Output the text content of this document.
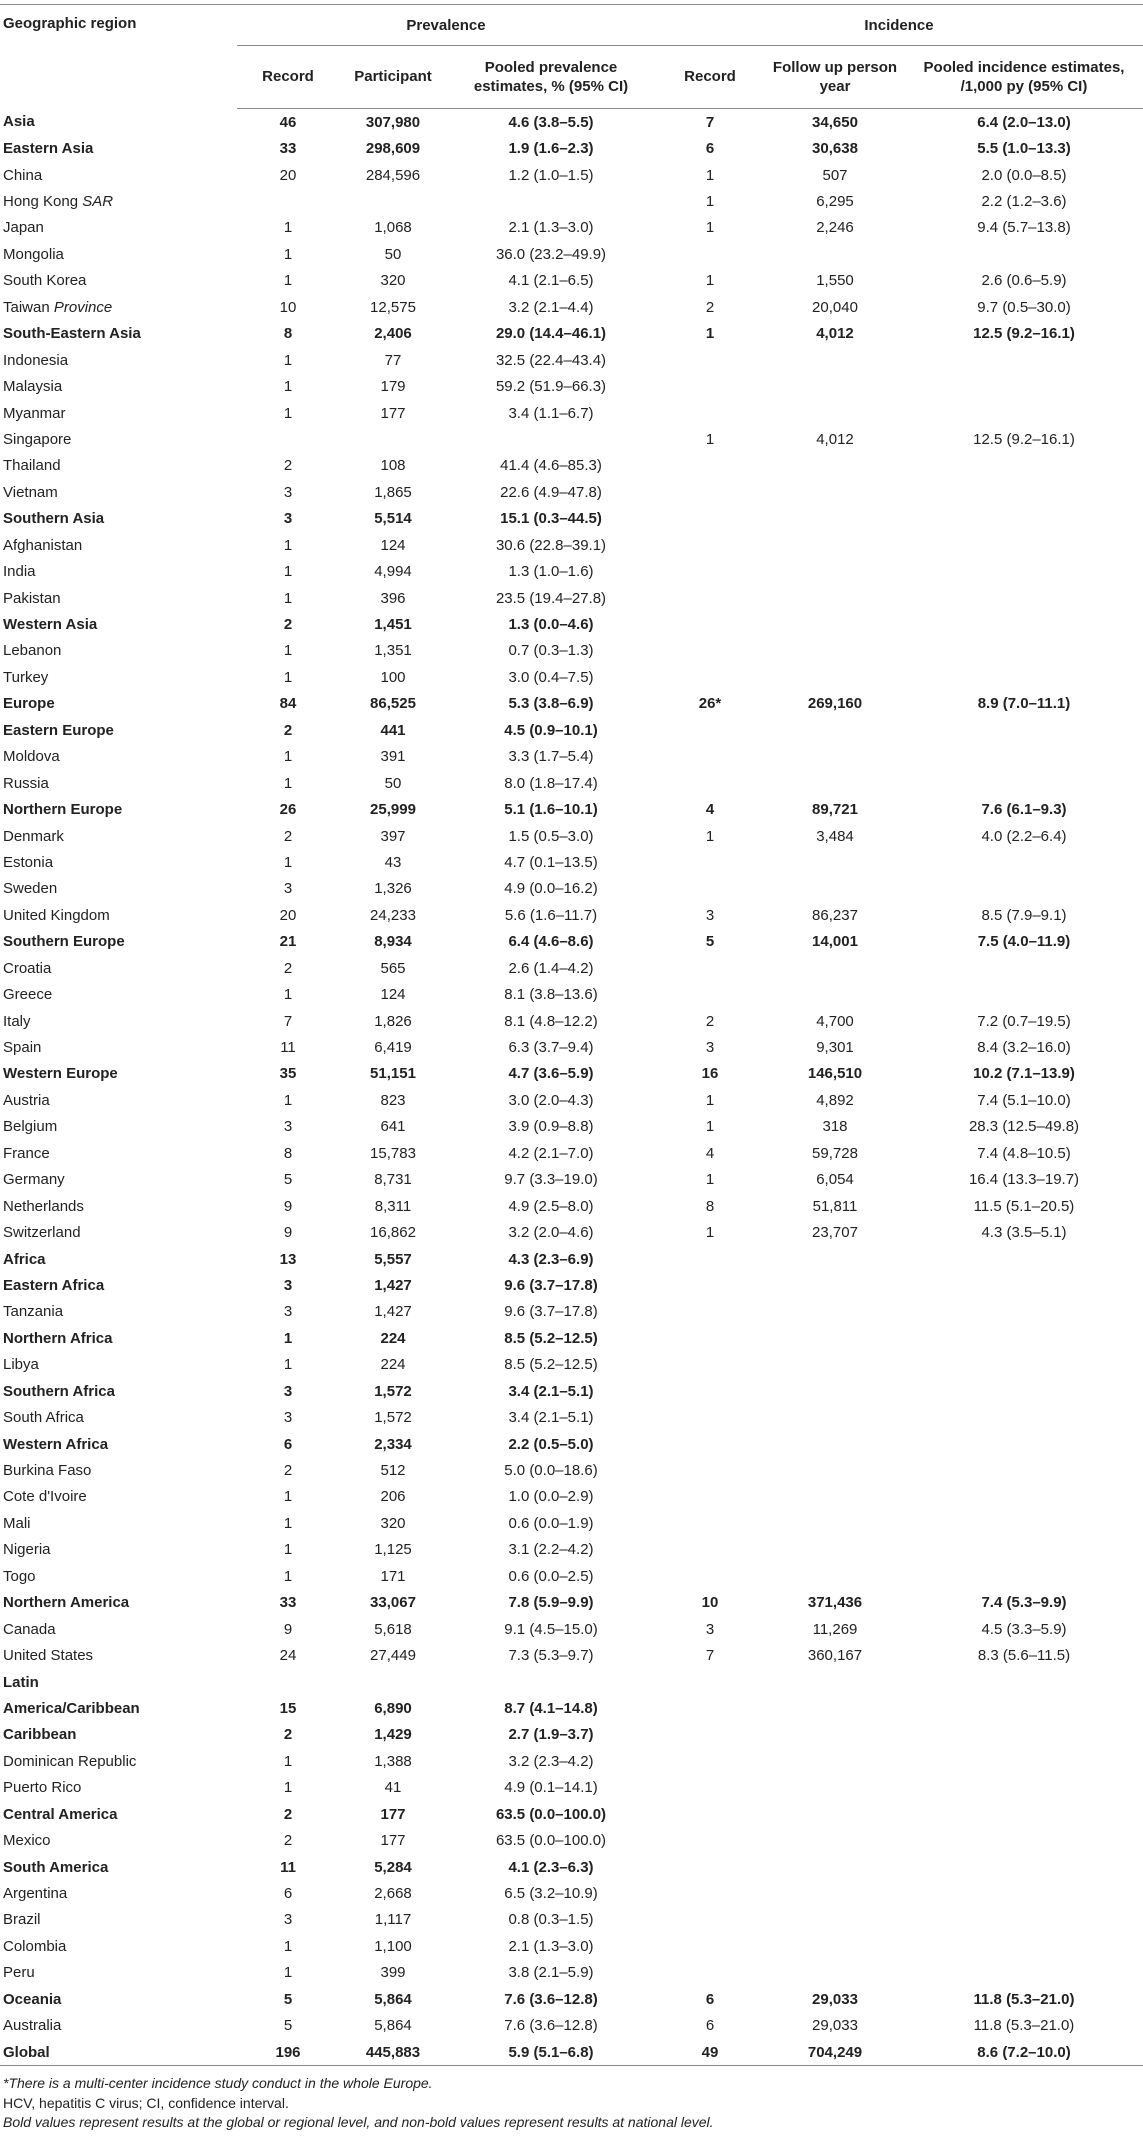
Geographic region	Prevalence			Incidence		
	Record	Participant	Pooled prevalence estimates, % (95% CI)	Record	Follow up person year	Pooled incidence estimates, /1,000 py (95% CI)
Asia	46	307,980	4.6 (3.8–5.5)	7	34,650	6.4 (2.0–13.0)
Eastern Asia	33	298,609	1.9 (1.6–2.3)	6	30,638	5.5 (1.0–13.3)
China	20	284,596	1.2 (1.0–1.5)	1	507	2.0 (0.0–8.5)
Hong Kong SAR				1	6,295	2.2 (1.2–3.6)
Japan	1	1,068	2.1 (1.3–3.0)	1	2,246	9.4 (5.7–13.8)
Mongolia	1	50	36.0 (23.2–49.9)			
South Korea	1	320	4.1 (2.1–6.5)	1	1,550	2.6 (0.6–5.9)
Taiwan Province	10	12,575	3.2 (2.1–4.4)	2	20,040	9.7 (0.5–30.0)
South-Eastern Asia	8	2,406	29.0 (14.4–46.1)	1	4,012	12.5 (9.2–16.1)
Indonesia	1	77	32.5 (22.4–43.4)			
Malaysia	1	179	59.2 (51.9–66.3)			
Myanmar	1	177	3.4 (1.1–6.7)			
Singapore				1	4,012	12.5 (9.2–16.1)
Thailand	2	108	41.4 (4.6–85.3)			
Vietnam	3	1,865	22.6 (4.9–47.8)			
Southern Asia	3	5,514	15.1 (0.3–44.5)			
Afghanistan	1	124	30.6 (22.8–39.1)			
India	1	4,994	1.3 (1.0–1.6)			
Pakistan	1	396	23.5 (19.4–27.8)			
Western Asia	2	1,451	1.3 (0.0–4.6)			
Lebanon	1	1,351	0.7 (0.3–1.3)			
Turkey	1	100	3.0 (0.4–7.5)			
Europe	84	86,525	5.3 (3.8–6.9)	26*	269,160	8.9 (7.0–11.1)
Eastern Europe	2	441	4.5 (0.9–10.1)			
Moldova	1	391	3.3 (1.7–5.4)			
Russia	1	50	8.0 (1.8–17.4)			
Northern Europe	26	25,999	5.1 (1.6–10.1)	4	89,721	7.6 (6.1–9.3)
Denmark	2	397	1.5 (0.5–3.0)	1	3,484	4.0 (2.2–6.4)
Estonia	1	43	4.7 (0.1–13.5)			
Sweden	3	1,326	4.9 (0.0–16.2)			
United Kingdom	20	24,233	5.6 (1.6–11.7)	3	86,237	8.5 (7.9–9.1)
Southern Europe	21	8,934	6.4 (4.6–8.6)	5	14,001	7.5 (4.0–11.9)
Croatia	2	565	2.6 (1.4–4.2)			
Greece	1	124	8.1 (3.8–13.6)			
Italy	7	1,826	8.1 (4.8–12.2)	2	4,700	7.2 (0.7–19.5)
Spain	11	6,419	6.3 (3.7–9.4)	3	9,301	8.4 (3.2–16.0)
Western Europe	35	51,151	4.7 (3.6–5.9)	16	146,510	10.2 (7.1–13.9)
Austria	1	823	3.0 (2.0–4.3)	1	4,892	7.4 (5.1–10.0)
Belgium	3	641	3.9 (0.9–8.8)	1	318	28.3 (12.5–49.8)
France	8	15,783	4.2 (2.1–7.0)	4	59,728	7.4 (4.8–10.5)
Germany	5	8,731	9.7 (3.3–19.0)	1	6,054	16.4 (13.3–19.7)
Netherlands	9	8,311	4.9 (2.5–8.0)	8	51,811	11.5 (5.1–20.5)
Switzerland	9	16,862	3.2 (2.0–4.6)	1	23,707	4.3 (3.5–5.1)
Africa	13	5,557	4.3 (2.3–6.9)			
Eastern Africa	3	1,427	9.6 (3.7–17.8)			
Tanzania	3	1,427	9.6 (3.7–17.8)			
Northern Africa	1	224	8.5 (5.2–12.5)			
Libya	1	224	8.5 (5.2–12.5)			
Southern Africa	3	1,572	3.4 (2.1–5.1)			
South Africa	3	1,572	3.4 (2.1–5.1)			
Western Africa	6	2,334	2.2 (0.5–5.0)			
Burkina Faso	2	512	5.0 (0.0–18.6)			
Cote d'Ivoire	1	206	1.0 (0.0–2.9)			
Mali	1	320	0.6 (0.0–1.9)			
Nigeria	1	1,125	3.1 (2.2–4.2)			
Togo	1	171	0.6 (0.0–2.5)			
Northern America	33	33,067	7.8 (5.9–9.9)	10	371,436	7.4 (5.3–9.9)
Canada	9	5,618	9.1 (4.5–15.0)	3	11,269	4.5 (3.3–5.9)
United States	24	27,449	7.3 (5.3–9.7)	7	360,167	8.3 (5.6–11.5)
Latin						
America/Caribbean	15	6,890	8.7 (4.1–14.8)			
Caribbean	2	1,429	2.7 (1.9–3.7)			
Dominican Republic	1	1,388	3.2 (2.3–4.2)			
Puerto Rico	1	41	4.9 (0.1–14.1)			
Central America	2	177	63.5 (0.0–100.0)			
Mexico	2	177	63.5 (0.0–100.0)			
South America	11	5,284	4.1 (2.3–6.3)			
Argentina	6	2,668	6.5 (3.2–10.9)			
Brazil	3	1,117	0.8 (0.3–1.5)			
Colombia	1	1,100	2.1 (1.3–3.0)			
Peru	1	399	3.8 (2.1–5.9)			
Oceania	5	5,864	7.6 (3.6–12.8)	6	29,033	11.8 (5.3–21.0)
Australia	5	5,864	7.6 (3.6–12.8)	6	29,033	11.8 (5.3–21.0)
Global	196	445,883	5.9 (5.1–6.8)	49	704,249	8.6 (7.2–10.0)
*There is a multi-center incidence study conduct in the whole Europe.
HCV, hepatitis C virus; CI, confidence interval.
Bold values represent results at the global or regional level, and non-bold values represent results at national level.
